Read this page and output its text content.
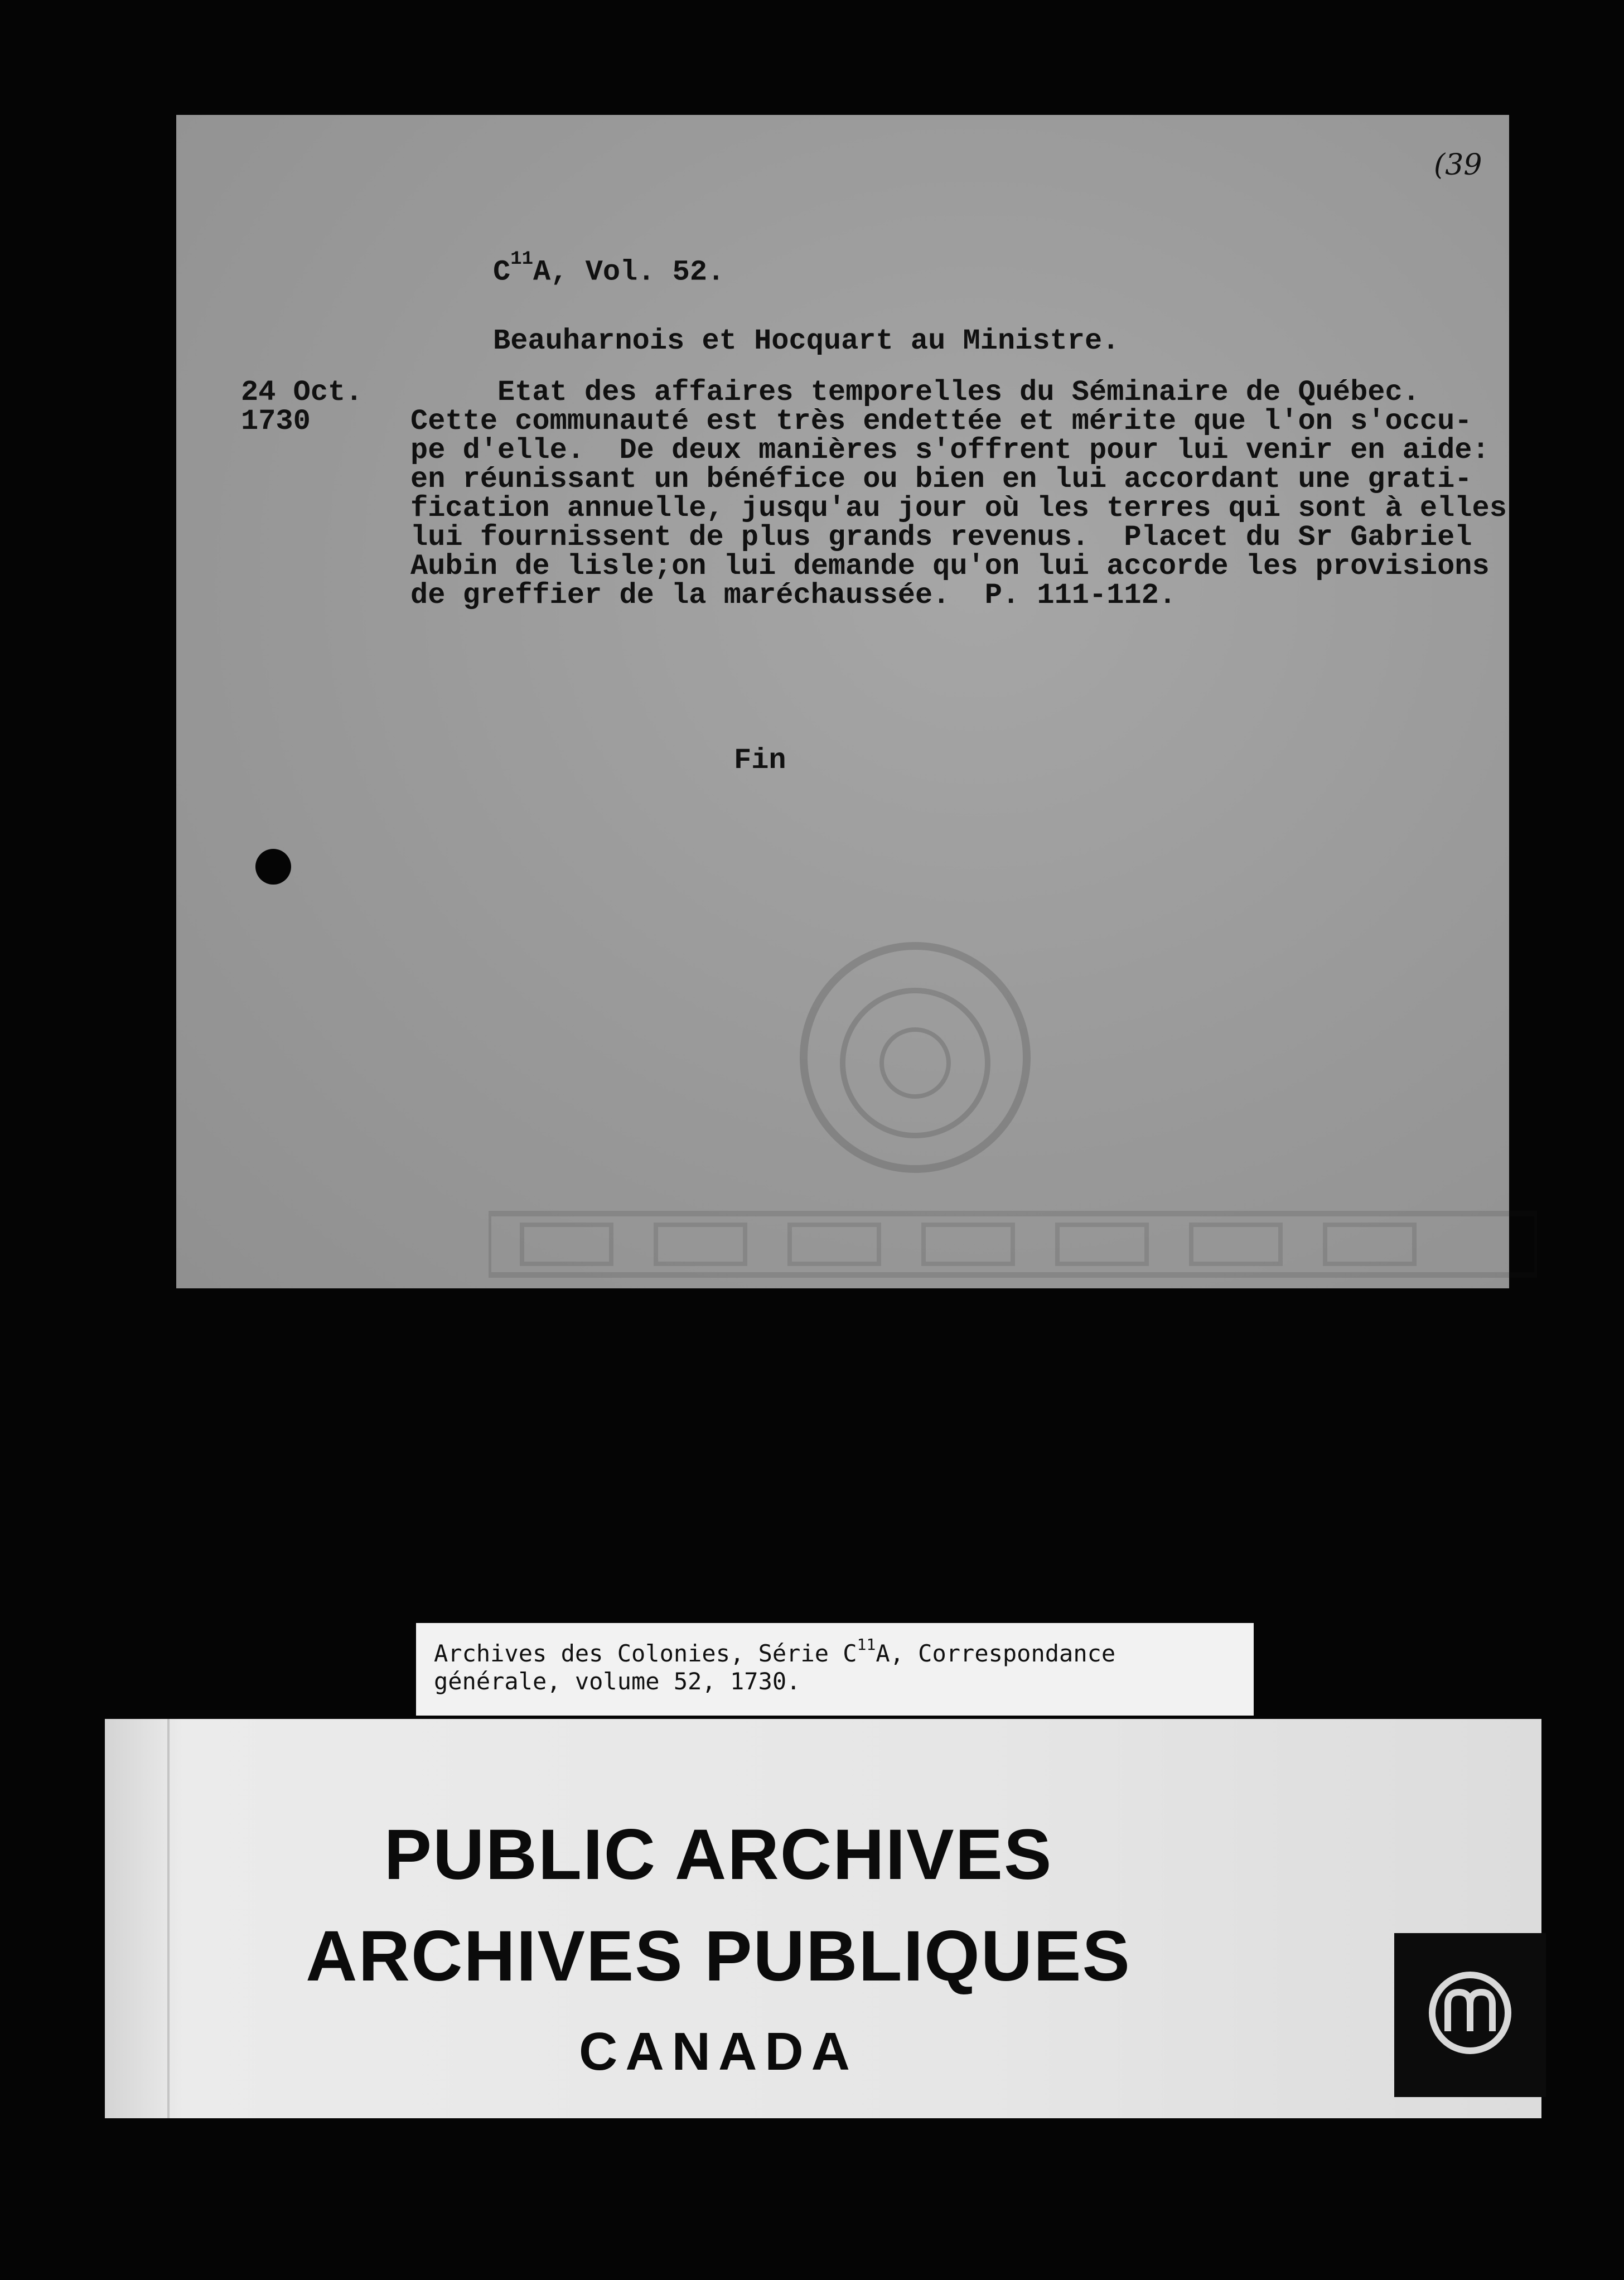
(39
$C^{11}A$, Vol. 52.
Beauharnois et Hocquart au Ministre.
24 Oct.
1730
Etat des affaires temporelles du Séminaire de Québec.
Cette communauté est très endettée et mérite que l'on s'occu-
pe d'elle.  De deux manières s'offrent pour lui venir en aide:
en réunissant un bénéfice ou bien en lui accordant une grati-
fication annuelle, jusqu'au jour où les terres qui sont à elles
lui fournissent de plus grands revenus.  Placet du Sr Gabriel
Aubin de lisle;on lui demande qu'on lui accorde les provisions
de greffier de la maréchaussée.  P. 111-112.
Fin
Archives des Colonies, Série $C^{11}A$, Correspondance
générale, volume 52, 1730.
PUBLIC ARCHIVES
ARCHIVES PUBLIQUES
CANADA
